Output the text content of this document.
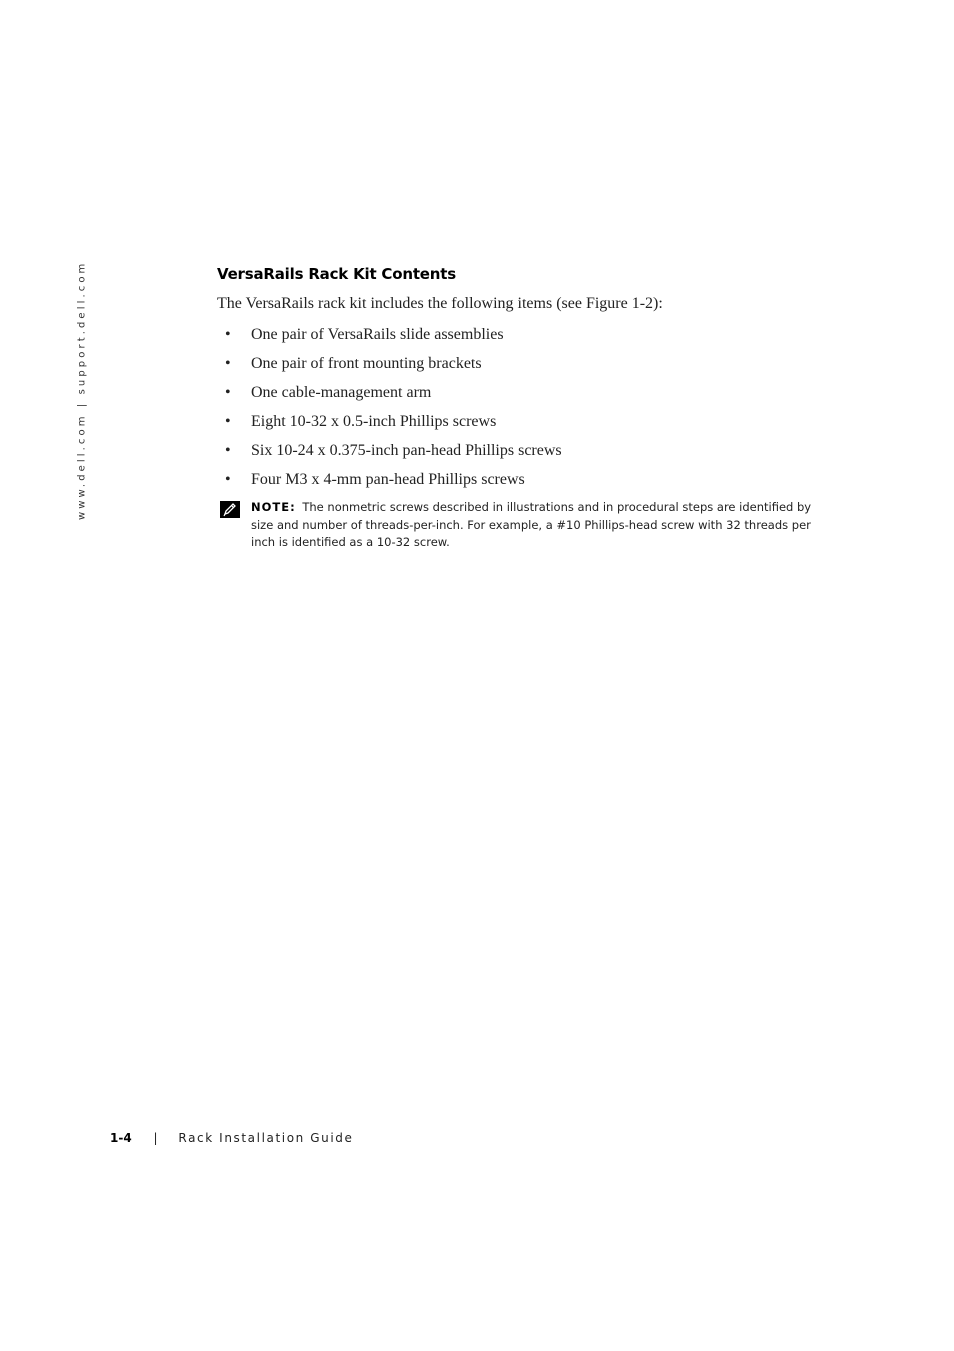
www.dell.com | support.dell.com	VersaRails Rack Kit Contents
The VersaRails rack kit includes the following items (see Figure 1-2):
• One pair of VersaRails slide assemblies
• One pair of front mounting brackets
• One cable-management arm
• Eight 10-32 x 0.5-inch Phillips screws
• Six 10-24 x 0.375-inch pan-head Phillips screws
• Four M3 x 4-mm pan-head Phillips screws
NOTE: The nonmetric screws described in illustrations and in procedural steps are identified by size and number of threads-per-inch. For example, a #10 Phillips-head screw with 32 threads per inch is identified as a 10-32 screw.
1-4 | Rack Installation Guide
